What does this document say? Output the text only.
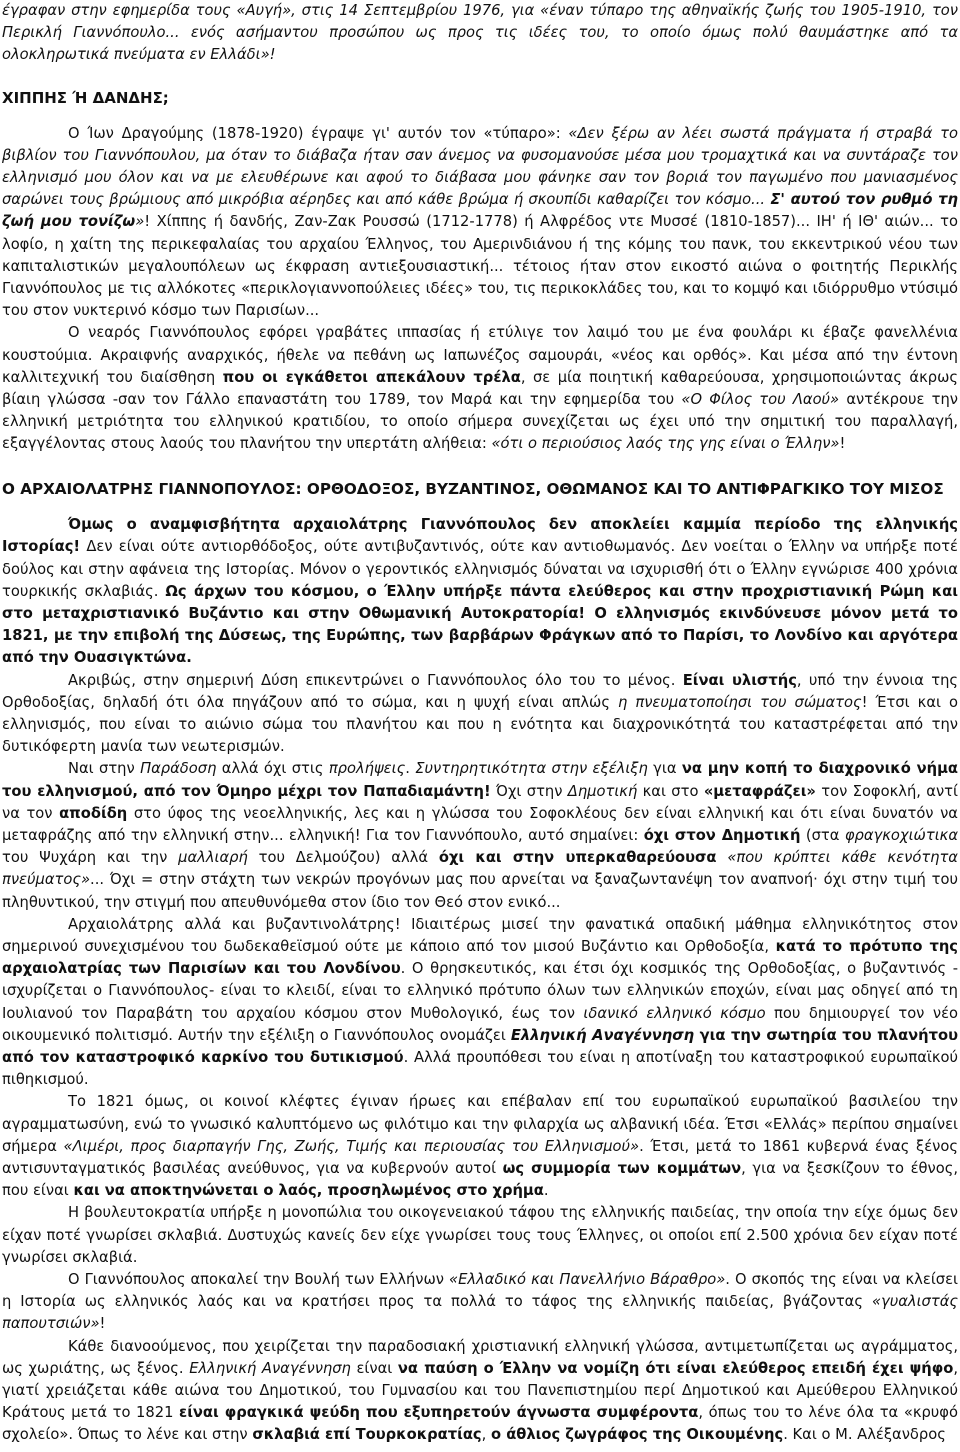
έγραφαν στην εφημερίδα τους «Αυγή», στις 14 Σεπτεμβρίου 1976, για «έναν τύπαρο της αθηναϊκής ζωής του 1905-1910, τον Περικλή Γιαννόπουλο... ενός ασήμαντου προσώπου ως προς τις ιδέες του, το οποίο όμως πολύ θαυμάστηκε από τα ολοκληρωτικά πνεύματα εν Ελλάδι»!

ΧΙΠΠΗΣ Ή ΔΑΝΔΗΣ;

Ο Ίων Δραγούμης (1878-1920) έγραψε γι' αυτόν τον «τύπαρο»: «Δεν ξέρω αν λέει σωστά πράγματα ή στραβά το βιβλίον του Γιαννόπουλου, μα όταν το διάβαζα ήταν σαν άνεμος να φυσομανούσε μέσα μου τρομαχτικά και να συντάραζε τον ελληνισμό μου όλον και να με ελευθέρωνε και αφού το διάβασα μου φάνηκε σαν τον βοριά τον παγωμένο που μανιασμένος σαρώνει τους βρώμιους από μικρόβια αέρηδες και από κάθε βρώμα ή σκουπίδι καθαρίζει τον κόσμο... Σ' αυτού τον ρυθμό τη ζωή μου τονίζω»! Χίππης ή δανδής, Ζαν-Ζακ Ρουσσώ (1712-1778) ή Αλφρέδος ντε Μυσσέ (1810-1857)... ΙΗ' ή ΙΘ' αιών... το λοφίο, η χαίτη της περικεφαλαίας του αρχαίου Έλληνος, του Αμερινδιάνου ή της κόμης του πανκ, του εκκεντρικού νέου των καπιταλιστικών μεγαλουπόλεων ως έκφραση αντιεξουσιαστική... τέτοιος ήταν στον εικοστό αιώνα ο φοιτητής Περικλής Γιαννόπουλος με τις αλλόκοτες «περικλογιαννοπούλειες ιδέες» του, τις περικοκλάδες του, και το κομψό και ιδιόρρυθμο ντύσιμό του στον νυκτερινό κόσμο των Παρισίων...

Ο νεαρός Γιαννόπουλος εφόρει γραβάτες ιππασίας ή ετύλιγε τον λαιμό του με ένα φουλάρι κι έβαζε φανελλένια κουστούμια. Ακραιφνής αναρχικός, ήθελε να πεθάνη ως Ιαπωνέζος σαμουράι, «νέος και ορθός». Και μέσα από την έντονη καλλιτεχνική του διαίσθηση που οι εγκάθετοι απεκάλουν τρέλα, σε μία ποιητική καθαρεύουσα, χρησιμοποιώντας άκρως βίαιη γλώσσα -σαν τον Γάλλο επαναστάτη του 1789, τον Μαρά και την εφημερίδα του «Ο Φίλος του Λαού» αντέκρουε την ελληνική μετριότητα του ελληνικού κρατιδίου, το οποίο σήμερα συνεχίζεται ως έχει υπό την σημιτική του παραλλαγή, εξαγγέλοντας στους λαούς του πλανήτου την υπερτάτη αλήθεια: «ότι ο περιούσιος λαός της γης είναι ο Έλλην»!

Ο ΑΡΧΑΙΟΛΑΤΡΗΣ ΓΙΑΝΝΟΠΟΥΛΟΣ: ΟΡΘΟΔΟΞΟΣ, ΒΥΖΑΝΤΙΝΟΣ, ΟΘΩΜΑΝΟΣ ΚΑΙ ΤΟ ΑΝΤΙΦΡΑΓΚΙΚΟ ΤΟΥ ΜΙΣΟΣ

Όμως ο αναμφισβήτητα αρχαιολάτρης Γιαννόπουλος δεν αποκλείει καμμία περίοδο της ελληνικής Ιστορίας! Δεν είναι ούτε αντιορθόδοξος, ούτε αντιβυζαντινός, ούτε καν αντιοθωμανός. Δεν νοείται ο Έλλην να υπήρξε ποτέ δούλος και στην αφάνεια της Ιστορίας. Μόνον ο γεροντικός ελληνισμός δύναται να ισχυρισθή ότι ο Έλλην εγνώρισε 400 χρόνια τουρκικής σκλαβιάς. Ως άρχων του κόσμου, ο Έλλην υπήρξε πάντα ελεύθερος και στην προχριστιανική Ρώμη και στο μεταχριστιανικό Βυζάντιο και στην Οθωμανική Αυτοκρατορία! Ο ελληνισμός εκινδύνευσε μόνον μετά το 1821, με την επιβολή της Δύσεως, της Ευρώπης, των βαρβάρων Φράγκων από το Παρίσι, το Λονδίνο και αργότερα από την Ουασιγκτώνα.

Ακριβώς, στην σημερινή Δύση επικεντρώνει ο Γιαννόπουλος όλο του το μένος. Είναι υλιστής, υπό την έννοια της Ορθοδοξίας, δηλαδή ότι όλα πηγάζουν από το σώμα, και η ψυχή είναι απλώς η πνευματοποίησι του σώματος! Έτσι και ο ελληνισμός, που είναι το αιώνιο σώμα του πλανήτου και που η ενότητα και διαχρονικότητά του καταστρέφεται από την δυτικόφερτη μανία των νεωτερισμών.

Ναι στην Παράδοση αλλά όχι στις προλήψεις. Συντηρητικότητα στην εξέλιξη για να μην κοπή το διαχρονικό νήμα του ελληνισμού, από τον Όμηρο μέχρι τον Παπαδιαμάντη! Όχι στην Δημοτική και στο «μεταφράζει» τον Σοφοκλή, αντί να τον αποδίδη στο ύφος της νεοελληνικής, λες και η γλώσσα του Σοφοκλέους δεν είναι ελληνική και ότι είναι δυνατόν να μεταφράζης από την ελληνική στην... ελληνική! Για τον Γιαννόπουλο, αυτό σημαίνει: όχι στον Δημοτική (στα φραγκοχιώτικα του Ψυχάρη και την μαλλιαρή του Δελμούζου) αλλά όχι και στην υπερκαθαρεύουσα «που κρύπτει κάθε κενότητα πνεύματος»... Όχι = στην στάχτη των νεκρών προγόνων μας που αρνείται να ξαναζωντανέψη τον αναπνοή· όχι στην τιμή του πληθυντικού, την στιγμή που απευθυνόμεθα στον ίδιο τον Θεό στον ενικό...

Αρχαιολάτρης αλλά και βυζαντινολάτρης! Ιδιαιτέρως μισεί την φανατικά οπαδική μάθημα ελληνικότητος στον σημερινού συνεχισμένου του δωδεκαθεϊσμού ούτε με κάποιο από τον μισού Βυζάντιο και Ορθοδοξία, κατά το πρότυπο της αρχαιολατρίας των Παρισίων και του Λονδίνου. Ο θρησκευτικός, και έτσι όχι κοσμικός της Ορθοδοξίας, ο βυζαντινός - ισχυρίζεται ο Γιαννόπουλος- είναι το κλειδί, είναι το ελληνικό πρότυπο όλων των ελληνικών εποχών, είναι μας οδηγεί από τη Ιουλιανού τον Παραβάτη του αρχαίου κόσμου στον Μυθολογικό, έως τον ιδανικό ελληνικό κόσμο που δημιουργεί τον νέο οικουμενικό πολιτισμό. Αυτήν την εξέλιξη ο Γιαννόπουλος ονομάζει Ελληνική Αναγέννηση για την σωτηρία του πλανήτου από τον καταστροφικό καρκίνο του δυτικισμού. Αλλά προυπόθεσι του είναι η αποτίναξη του καταστροφικού ευρωπαϊκού πιθηκισμού.

Το 1821 όμως, οι κοινοί κλέφτες έγιναν ήρωες και επέβαλαν επί του ευρωπαϊκού ευρωπαϊκού βασιλείου την αγραμματωσύνη, ενώ το γνωσικό καλυπτόμενο ως φιλότιμο και την φιλαρχία ως αλβανική ιδέα. Έτσι «Ελλάς» περίπου σημαίνει σήμερα «Λιμέρι, προς διαρπαγήν Γης, Ζωής, Τιμής και περιουσίας του Ελληνισμού». Έτσι, μετά το 1861 κυβερνά ένας ξένος αντισυνταγματικός βασιλέας ανεύθυνος, για να κυβερνούν αυτοί ως συμμορία των κομμάτων, για να ξεσκίζουν το έθνος, που είναι και να αποκτηνώνεται ο λαός, προσηλωμένος στο χρήμα.

Η βουλευτοκρατία υπήρξε η μονοπώλια του οικογενειακού τάφου της ελληνικής παιδείας, την οποία την είχε όμως δεν είχαν ποτέ γνωρίσει σκλαβιά. Δυστυχώς κανείς δεν είχε γνωρίσει τους τους Έλληνες, οι οποίοι επί 2.500 χρόνια δεν είχαν ποτέ γνωρίσει σκλαβιά.

Ο Γιαννόπουλος αποκαλεί την Βουλή των Ελλήνων «Ελλαδικό και Πανελλήνιο Βάραθρο». Ο σκοπός της είναι να κλείσει η Ιστορία ως ελληνικός λαός και να κρατήσει προς τα πολλά το τάφος της ελληνικής παιδείας, βγάζοντας «γυαλιστάς παπουτσιών»!

Κάθε διανοούμενος, που χειρίζεται την παραδοσιακή χριστιανική ελληνική γλώσσα, αντιμετωπίζεται ως αγράμματος, ως χωριάτης, ως ξένος. Ελληνική Αναγέννηση είναι να παύση ο Έλλην να νομίζη ότι είναι ελεύθερος επειδή έχει ψήφο, γιατί χρειάζεται κάθε αιώνα του Δημοτικού, του Γυμνασίου και του Πανεπιστημίου περί Δημοτικού και Αμεύθερου Ελληνικού Κράτους μετά το 1821 είναι φραγκικά ψεύδη που εξυπηρετούν άγνωστα συμφέροντα, όπως του το λένε όλα τα «κρυφό σχολείο». Όπως το λένε και στην σκλαβιά επί Τουρκοκρατίας, ο άθλιος ζωγράφος της Οικουμένης. Και ο Μ. Αλέξανδρος
